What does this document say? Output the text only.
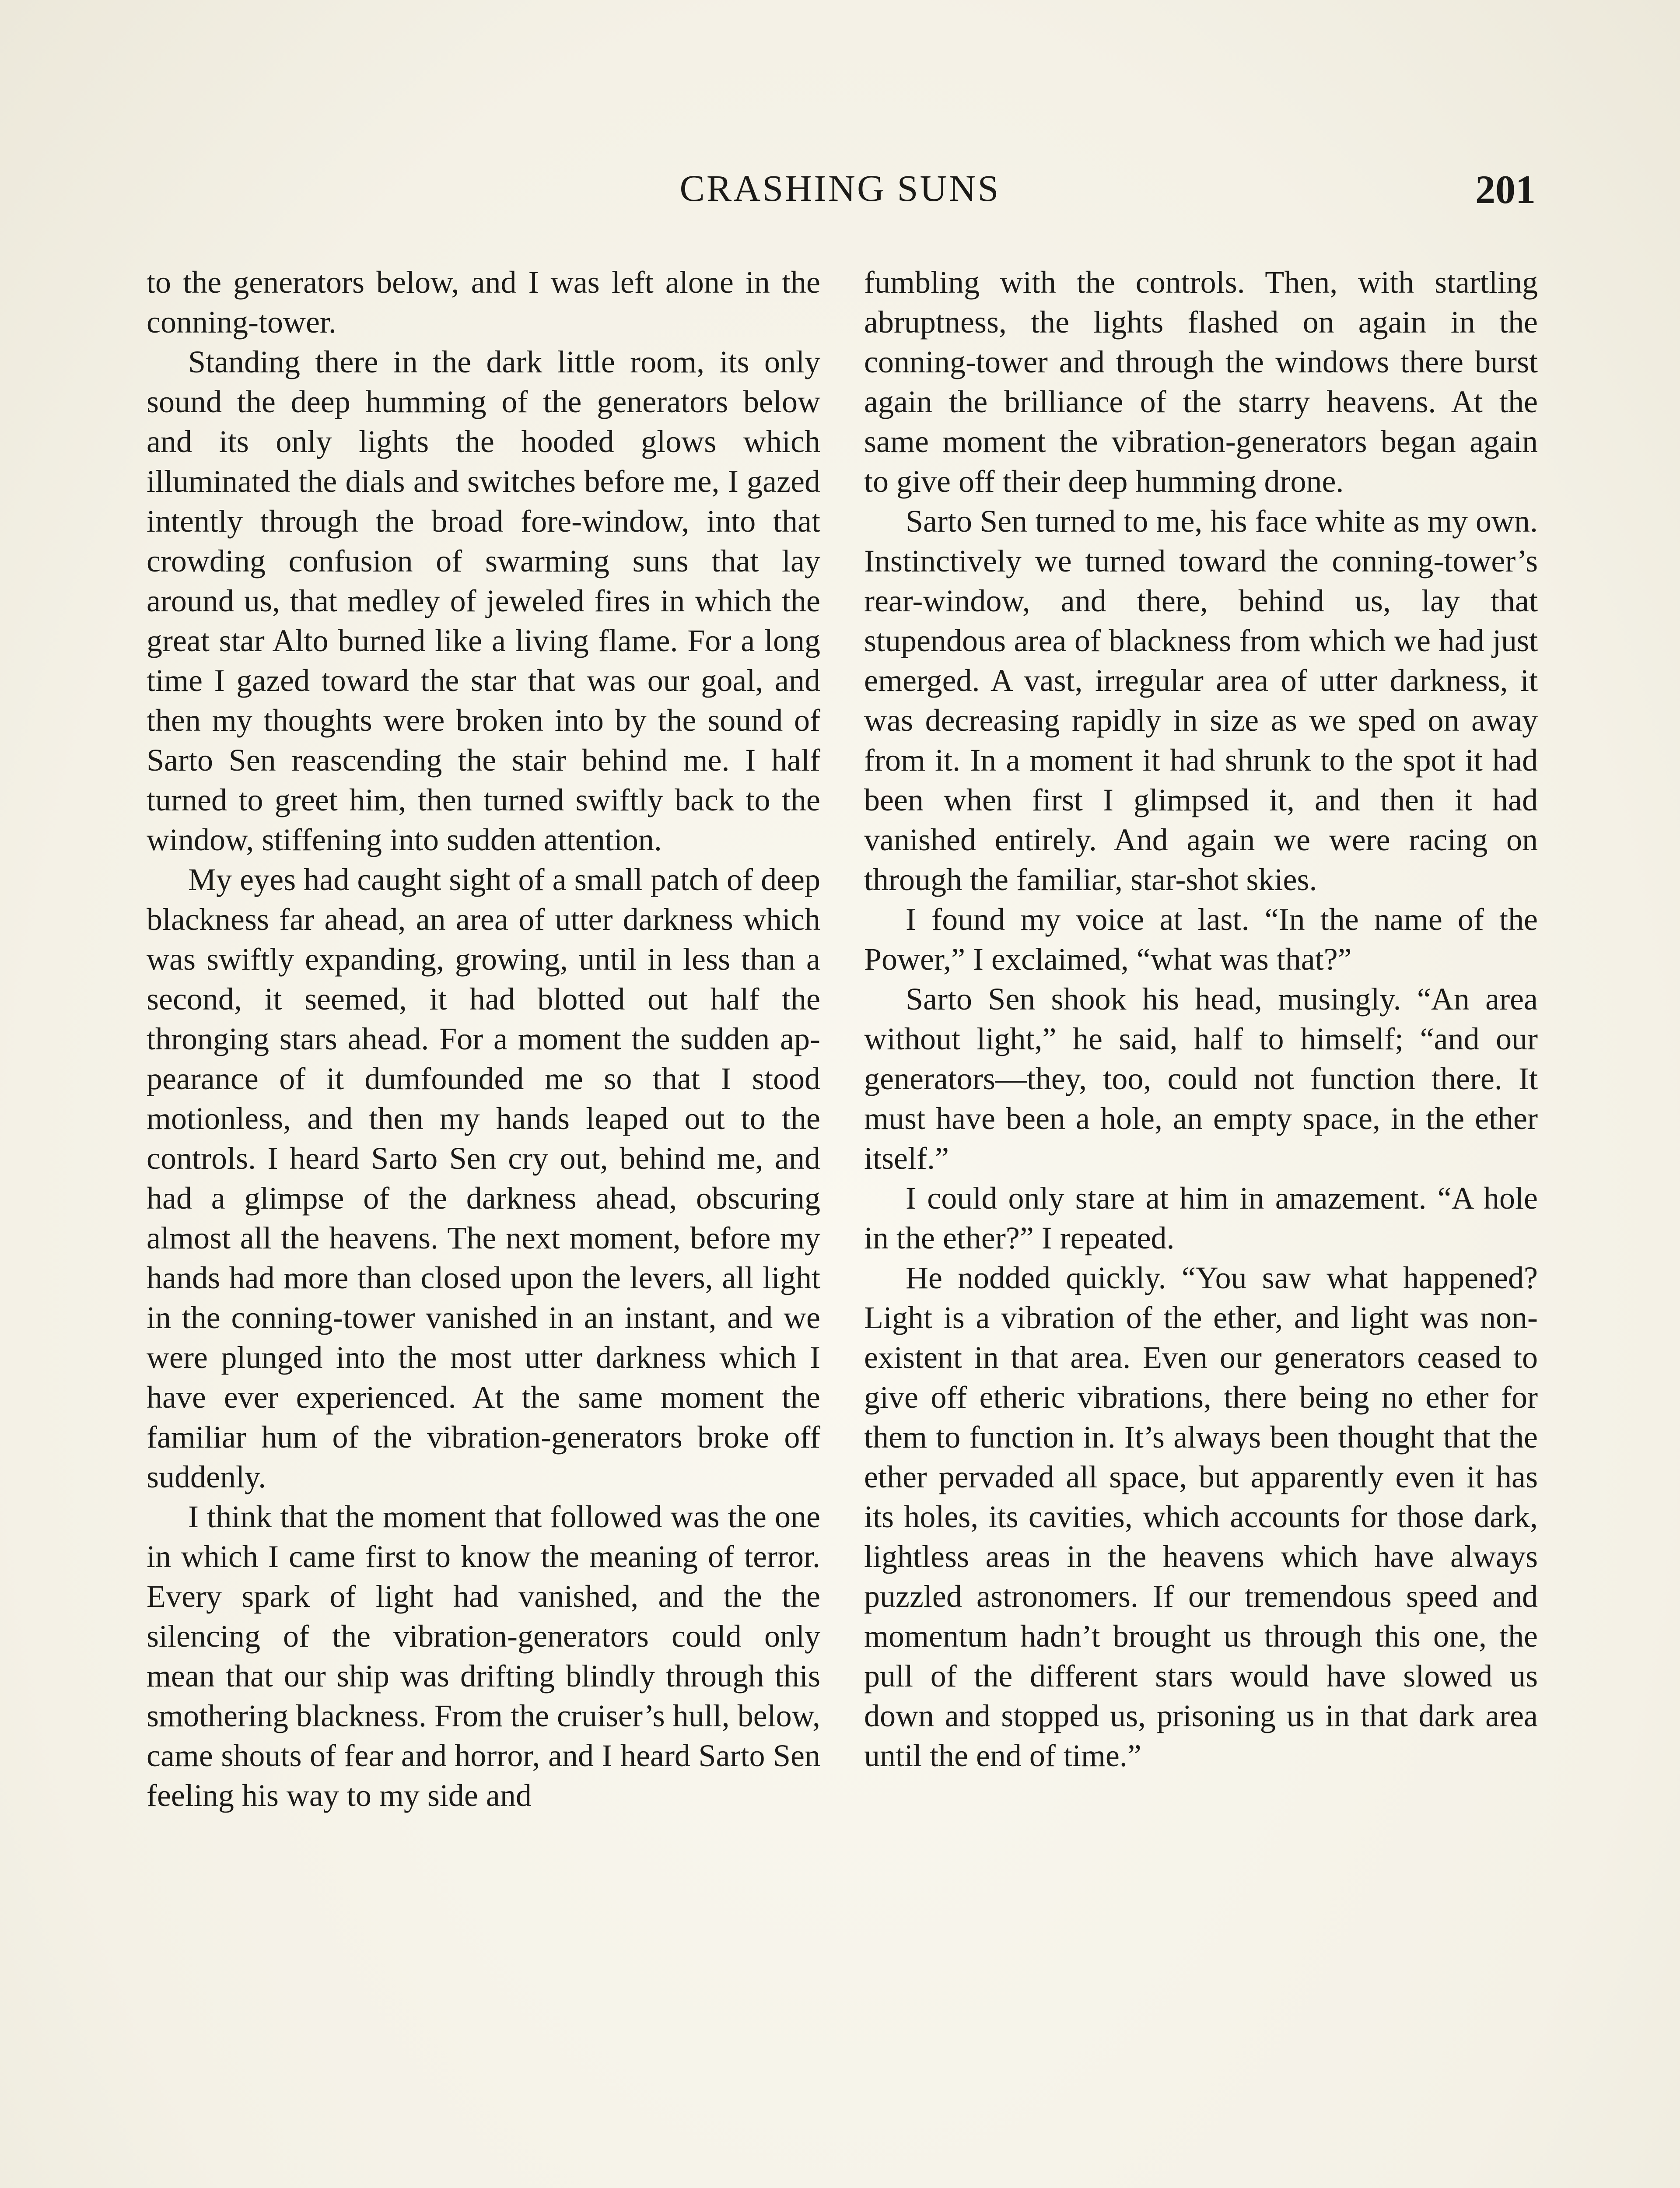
CRASHING SUNS	201

to the generators below, and I was left alone in the conning-tower.

Standing there in the dark little room, its only sound the deep humming of the generators below and its only lights the hooded glows which illuminated the dials and switches before me, I gazed intently through the broad fore-window, into that crowding confusion of swarming suns that lay around us, that medley of jeweled fires in which the great star Alto burned like a living flame. For a long time I gazed toward the star that was our goal, and then my thoughts were broken into by the sound of Sarto Sen reascending the stair behind me. I half turned to greet him, then turned swiftly back to the window, stiffening into sudden attention.

My eyes had caught sight of a small patch of deep blackness far ahead, an area of utter darkness which was swiftly expanding, growing, until in less than a second, it seemed, it had blotted out half the thronging stars ahead. For a moment the sudden appearance of it dumfounded me so that I stood motionless, and then my hands leaped out to the controls. I heard Sarto Sen cry out, behind me, and had a glimpse of the darkness ahead, obscuring almost all the heavens. The next moment, before my hands had more than closed upon the levers, all light in the conning-tower vanished in an instant, and we were plunged into the most utter darkness which I have ever experienced. At the same moment the familiar hum of the vibration-generators broke off suddenly.

I think that the moment that followed was the one in which I came first to know the meaning of terror. Every spark of light had vanished, and the the silencing of the vibration-generators could only mean that our ship was drifting blindly through this smothering blackness. From the cruiser’s hull, below, came shouts of fear and horror, and I heard Sarto Sen feeling his way to my side and

fumbling with the controls. Then, with startling abruptness, the lights flashed on again in the conning-tower and through the windows there burst again the brilliance of the starry heavens. At the same moment the vibration-generators began again to give off their deep humming drone.

Sarto Sen turned to me, his face white as my own. Instinctively we turned toward the conning-tower’s rear-window, and there, behind us, lay that stupendous area of blackness from which we had just emerged. A vast, irregular area of utter darkness, it was decreasing rapidly in size as we sped on away from it. In a moment it had shrunk to the spot it had been when first I glimpsed it, and then it had vanished entirely. And again we were racing on through the familiar, star-shot skies.

I found my voice at last. “In the name of the Power,” I exclaimed, “what was that?”

Sarto Sen shook his head, musingly. “An area without light,” he said, half to himself; “and our generators—they, too, could not function there. It must have been a hole, an empty space, in the ether itself.”

I could only stare at him in amazement. “A hole in the ether?” I repeated.

He nodded quickly. “You saw what happened? Light is a vibration of the ether, and light was non-existent in that area. Even our generators ceased to give off etheric vibrations, there being no ether for them to function in. It’s always been thought that the ether pervaded all space, but apparently even it has its holes, its cavities, which accounts for those dark, lightless areas in the heavens which have always puzzled astronomers. If our tremendous speed and momentum hadn’t brought us through this one, the pull of the different stars would have slowed us down and stopped us, prisoning us in that dark area until the end of time.”
